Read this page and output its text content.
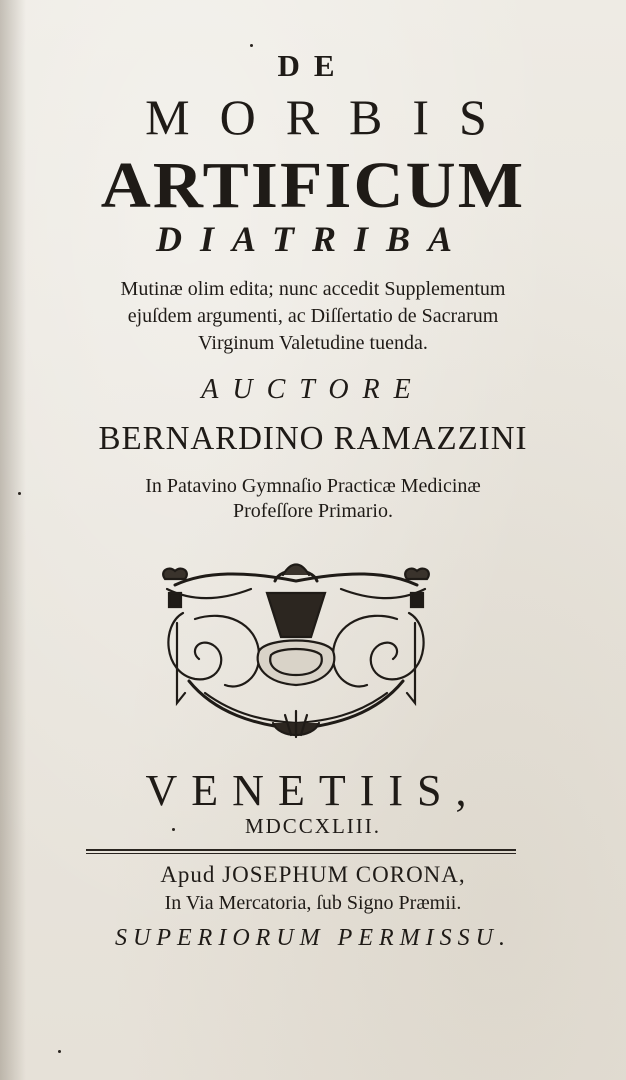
DE
MORBIS
ARTIFICUM
DIATRIBA
Mutinæ olim edita; nunc accedit Supplementum
ejuſdem argumenti, ac Diſſertatio de Sacrarum
Virginum Valetudine tuenda.
AUCTORE
BERNARDINO RAMAZZINI
In Patavino Gymnaſio Practicæ Medicinæ
Profeſſore Primario.
VENETIIS,
MDCCXLIII.
Apud JOSEPHUM CORONA,
In Via Mercatoria, ſub Signo Præmii.
SUPERIORUM PERMISSU.
